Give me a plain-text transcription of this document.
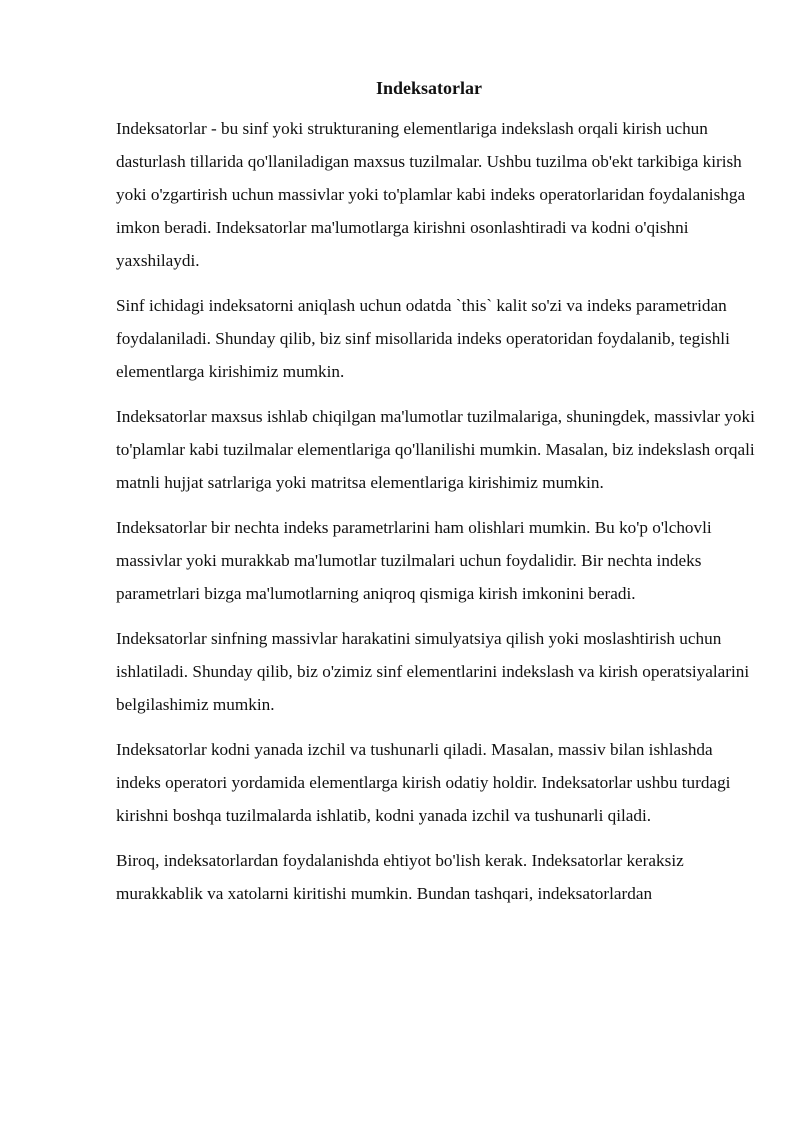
Indeksatorlar

Indeksatorlar - bu sinf yoki strukturaning elementlariga indekslash orqali kirish uchun dasturlash tillarida qo'llaniladigan maxsus tuzilmalar. Ushbu tuzilma ob'ekt tarkibiga kirish yoki o'zgartirish uchun massivlar yoki to'plamlar kabi indeks operatorlaridan foydalanishga imkon beradi. Indeksatorlar ma'lumotlarga kirishni osonlashtiradi va kodni o'qishni yaxshilaydi.

Sinf ichidagi indeksatorni aniqlash uchun odatda `this` kalit so'zi va indeks parametridan foydalaniladi. Shunday qilib, biz sinf misollarida indeks operatoridan foydalanib, tegishli elementlarga kirishimiz mumkin.

Indeksatorlar maxsus ishlab chiqilgan ma'lumotlar tuzilmalariga, shuningdek, massivlar yoki to'plamlar kabi tuzilmalar elementlariga qo'llanilishi mumkin. Masalan, biz indekslash orqali matnli hujjat satrlariga yoki matritsa elementlariga kirishimiz mumkin.

Indeksatorlar bir nechta indeks parametrlarini ham olishlari mumkin. Bu ko'p o'lchovli massivlar yoki murakkab ma'lumotlar tuzilmalari uchun foydalidir. Bir nechta indeks parametrlari bizga ma'lumotlarning aniqroq qismiga kirish imkonini beradi.

Indeksatorlar sinfning massivlar harakatini simulyatsiya qilish yoki moslashtirish uchun ishlatiladi. Shunday qilib, biz o'zimiz sinf elementlarini indekslash va kirish operatsiyalarini belgilashimiz mumkin.

Indeksatorlar kodni yanada izchil va tushunarli qiladi. Masalan, massiv bilan ishlashda indeks operatori yordamida elementlarga kirish odatiy holdir. Indeksatorlar ushbu turdagi kirishni boshqa tuzilmalarda ishlatib, kodni yanada izchil va tushunarli qiladi.

Biroq, indeksatorlardan foydalanishda ehtiyot bo'lish kerak. Indeksatorlar keraksiz murakkablik va xatolarni kiritishi mumkin. Bundan tashqari, indeksatorlardan
